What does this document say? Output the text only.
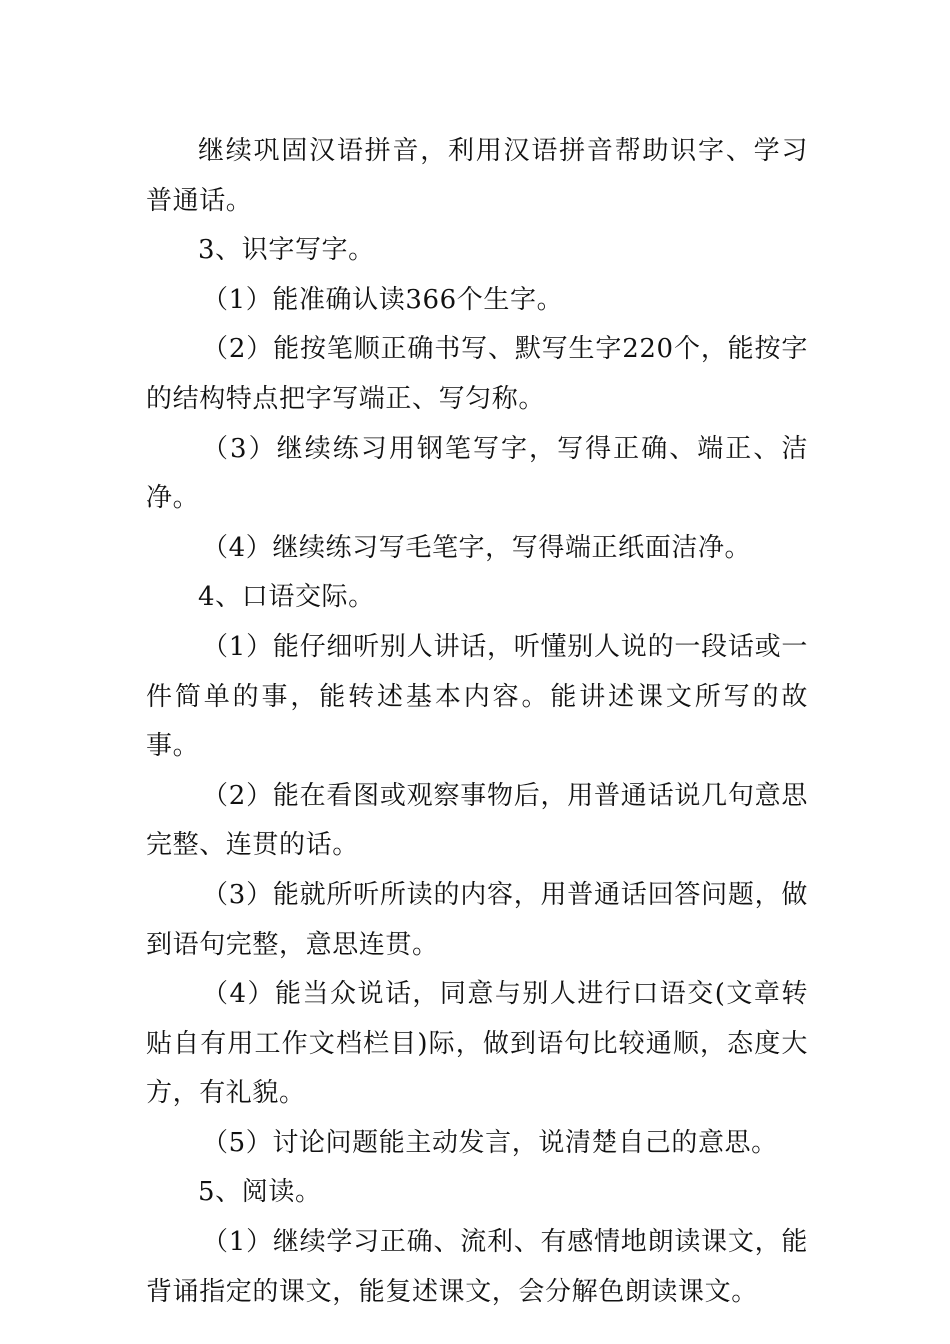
继续巩固汉语拼音，利用汉语拼音帮助识字、学习普通话。

3、识字写字。

（1）能准确认读366个生字。

（2）能按笔顺正确书写、默写生字220个，能按字的结构特点把字写端正、写匀称。

（3）继续练习用钢笔写字，写得正确、端正、洁净。

（4）继续练习写毛笔字，写得端正纸面洁净。

4、口语交际。

（1）能仔细听别人讲话，听懂别人说的一段话或一件简单的事，能转述基本内容。能讲述课文所写的故事。

（2）能在看图或观察事物后，用普通话说几句意思完整、连贯的话。

（3）能就所听所读的内容，用普通话回答问题，做到语句完整，意思连贯。

（4）能当众说话，同意与别人进行口语交(文章转贴自有用工作文档栏目)际，做到语句比较通顺，态度大方，有礼貌。

（5）讨论问题能主动发言，说清楚自己的意思。

5、阅读。

（1）继续学习正确、流利、有感情地朗读课文，能背诵指定的课文，能复述课文，会分解色朗读课文。
